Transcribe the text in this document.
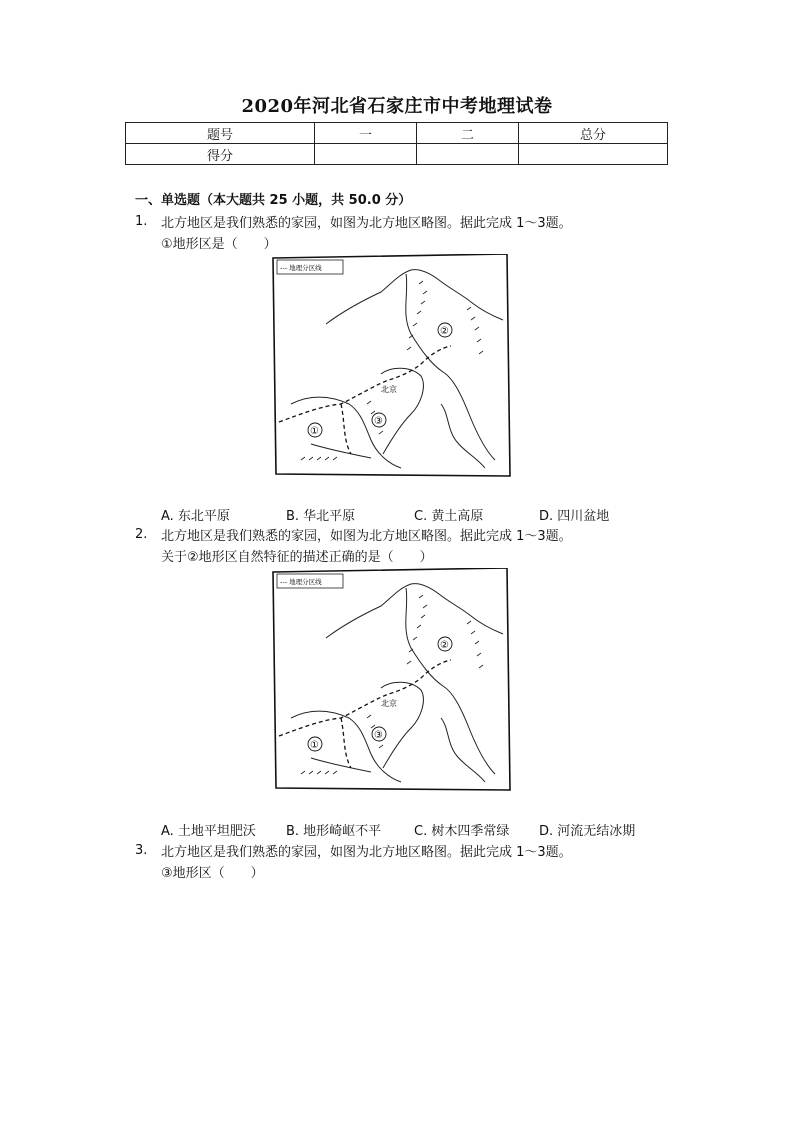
2020年河北省石家庄市中考地理试卷
题号	一	二	总分
得分			
一、单选题（本大题共 25 小题，共 50.0 分）
1. 北方地区是我们熟悉的家园，如图为北方地区略图。据此完成 1～3题。
①地形区是（　　）
--- 地理分区线
北京
①
②
③
A. 东北平原	B. 华北平原	C. 黄土高原	D. 四川盆地
2. 北方地区是我们熟悉的家园，如图为北方地区略图。据此完成 1～3题。
关于②地形区自然特征的描述正确的是（　　）
--- 地理分区线
北京
①
②
③
A. 土地平坦肥沃 B. 地形崎岖不平	C. 树木四季常绿 D. 河流无结冰期
3. 北方地区是我们熟悉的家园，如图为北方地区略图。据此完成 1～3题。
③地形区（　　）
